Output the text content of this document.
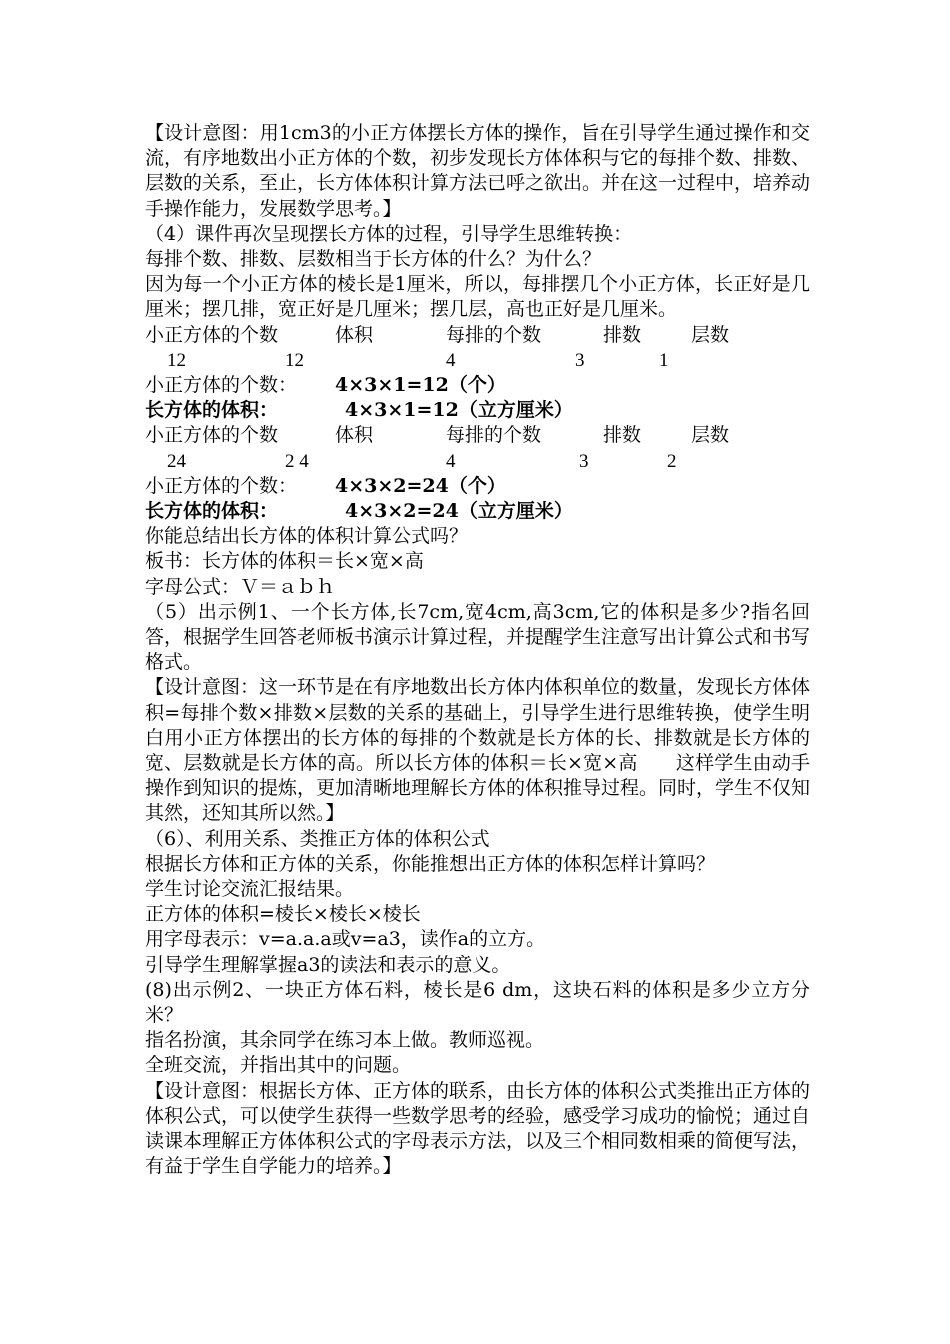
【设计意图：用1cm3的小正方体摆长方体的操作，旨在引导学生通过操作和交流，有序地数出小正方体的个数，初步发现长方体体积与它的每排个数、排数、层数的关系，至止，长方体体积计算方法已呼之欲出。并在这一过程中，培养动手操作能力，发展数学思考。】

（4）课件再次呈现摆长方体的过程，引导学生思维转换：

每排个数、排数、层数相当于长方体的什么？为什么？

因为每一个小正方体的棱长是1厘米，所以，每排摆几个小正方体，长正好是几厘米；摆几排，宽正好是几厘米；摆几层，高也正好是几厘米。

小正方体的个数	体积	每排的个数	排数	层数
12	12	4	3	1
小正方体的个数： 4×3×1=12（个）
长方体的体积：	4×3×1=12（立方厘米）
小正方体的个数	体积	每排的个数	排数	层数
24	2 4	4	3	2
小正方体的个数： 4×3×2=24（个）
长方体的体积：	4×3×2=24（立方厘米）

你能总结出长方体的体积计算公式吗？

板书：长方体的体积＝长×宽×高

字母公式：Ｖ＝ａｂｈ

（5）出示例1、一个长方体,长7cm,宽4cm,高3cm,它的体积是多少?指名回答，根据学生回答老师板书演示计算过程，并提醒学生注意写出计算公式和书写格式。

【设计意图：这一环节是在有序地数出长方体内体积单位的数量，发现长方体体积=每排个数×排数×层数的关系的基础上，引导学生进行思维转换，使学生明白用小正方体摆出的长方体的每排的个数就是长方体的长、排数就是长方体的宽、层数就是长方体的高。所以长方体的体积＝长×宽×高　　这样学生由动手操作到知识的提炼，更加清晰地理解长方体的体积推导过程。同时，学生不仅知其然，还知其所以然。】

（6）、利用关系、类推正方体的体积公式

根据长方体和正方体的关系，你能推想出正方体的体积怎样计算吗？

学生讨论交流汇报结果。

正方体的体积=棱长×棱长×棱长

用字母表示：v=a.a.a或v=a3，读作a的立方。

引导学生理解掌握a3的读法和表示的意义。

(8)出示例2、一块正方体石料，棱长是6 dm，这块石料的体积是多少立方分米？

指名扮演，其余同学在练习本上做。教师巡视。

全班交流，并指出其中的问题。

【设计意图：根据长方体、正方体的联系，由长方体的体积公式类推出正方体的体积公式，可以使学生获得一些数学思考的经验，感受学习成功的愉悦；通过自读课本理解正方体体积公式的字母表示方法，以及三个相同数相乘的简便写法，有益于学生自学能力的培养。】
